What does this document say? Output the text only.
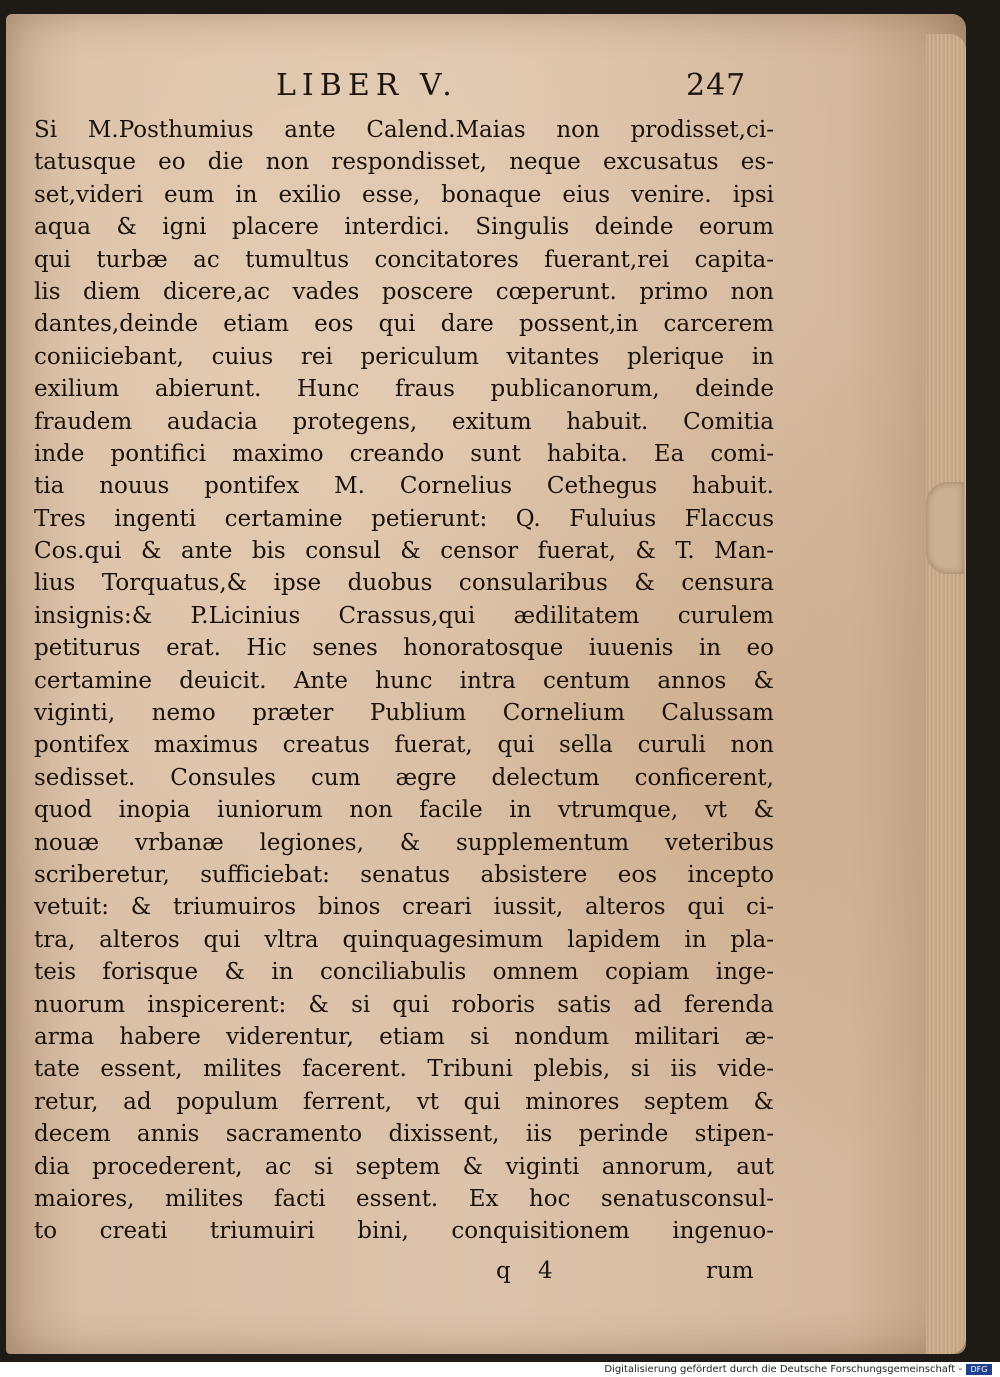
LIBER V.	247
Si M.Posthumius ante Calend.Maias non prodisset,ci-
tatusque eo die non respondisset, neque excusatus es-
set,videri eum in exilio esse, bonaque eius venire. ipsi
aqua & igni placere interdici. Singulis deinde eorum
qui turbæ ac tumultus concitatores fuerant,rei capita-
lis diem dicere,ac vades poscere cœperunt. primo non
dantes,deinde etiam eos qui dare possent,in carcerem
coniiciebant, cuius rei periculum vitantes plerique in
exilium abierunt. Hunc fraus publicanorum, deinde
fraudem audacia protegens, exitum habuit. Comitia
inde pontifici maximo creando sunt habita. Ea comi-
tia nouus pontifex M. Cornelius Cethegus habuit.
Tres ingenti certamine petierunt: Q. Fuluius Flaccus
Cos.qui & ante bis consul & censor fuerat, & T. Man-
lius Torquatus,& ipse duobus consularibus & censura
insignis:& P.Licinius Crassus,qui ædilitatem curulem
petiturus erat. Hic senes honoratosque iuuenis in eo
certamine deuicit. Ante hunc intra centum annos &
viginti, nemo præter Publium Cornelium Calussam
pontifex maximus creatus fuerat, qui sella curuli non
sedisset. Consules cum ægre delectum conficerent,
quod inopia iuniorum non facile in vtrumque, vt &
nouæ vrbanæ legiones, & supplementum veteribus
scriberetur, sufficiebat: senatus absistere eos incepto
vetuit: & triumuiros binos creari iussit, alteros qui ci-
tra, alteros qui vltra quinquagesimum lapidem in pla-
teis forisque & in conciliabulis omnem copiam inge-
nuorum inspicerent: & si qui roboris satis ad ferenda
arma habere viderentur, etiam si nondum militari æ-
tate essent, milites facerent. Tribuni plebis, si iis vide-
retur, ad populum ferrent, vt qui minores septem &
decem annis sacramento dixissent, iis perinde stipen-
dia procederent, ac si septem & viginti annorum, aut
maiores, milites facti essent. Ex hoc senatusconsul-
to creati triumuiri bini, conquisitionem ingenuo-
q 4	rum
Digitalisierung gefördert durch die Deutsche Forschungsgemeinschaft - DFG
